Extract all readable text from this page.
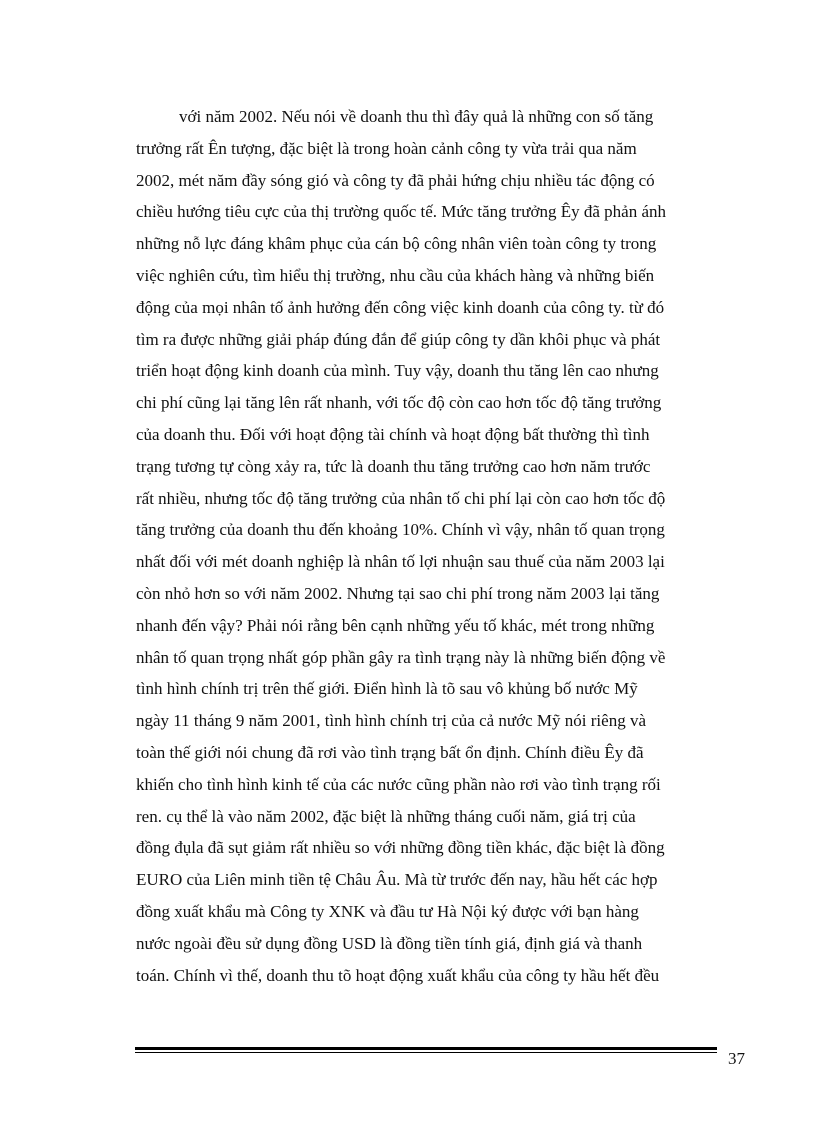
với năm 2002. Nếu nói về doanh thu thì đây quả là những con số tăng
trưởng rất Ên tượng, đặc biệt là trong hoàn cảnh công ty vừa trải qua năm
2002, mét năm đầy sóng gió và công ty đã phải hứng chịu nhiều tác động có
chiều hướng tiêu cực của thị trường quốc tế. Mức tăng trưởng Êy đã phản ánh
những nỗ lực đáng khâm phục của cán bộ công nhân viên toàn công ty trong
việc nghiên cứu, tìm hiểu thị trường, nhu cầu của khách hàng và những biến
động của mọi nhân tố ảnh hưởng đến công việc kinh doanh của công ty. từ đó
tìm ra được những giải pháp đúng đắn để giúp công ty dần khôi phục và phát
triển hoạt động kinh doanh của mình. Tuy vậy, doanh thu tăng lên cao nhưng
chi phí cũng lại tăng lên rất nhanh, với tốc độ còn cao hơn tốc độ tăng trưởng
của doanh thu. Đối với hoạt động tài chính và hoạt động bất thường thì tình
trạng tương tự còng xảy ra, tức là doanh thu tăng trưởng cao hơn năm trước
rất nhiều, nhưng tốc độ tăng trưởng của nhân tố chi phí lại còn cao hơn tốc độ
tăng trưởng của doanh thu đến khoảng 10%. Chính vì vậy, nhân tố quan trọng
nhất đối với mét doanh nghiệp là nhân tố lợi nhuận sau thuế của năm 2003 lại
còn nhỏ hơn so với năm 2002. Nhưng tại sao chi phí trong năm 2003 lại tăng
nhanh đến vậy? Phải nói rằng bên cạnh những yếu tố khác, mét trong những
nhân tố quan trọng nhất góp phần gây ra tình trạng này là những biến động về
tình hình chính trị trên thế giới. Điển hình là tõ sau vô khủng bố nước Mỹ
ngày 11 tháng 9 năm 2001, tình hình chính trị của cả nước Mỹ nói riêng và
toàn thế giới nói chung đã rơi vào tình trạng bất ổn định. Chính điều Êy đã
khiến cho tình hình kinh tế của các nước cũng phần nào rơi vào tình trạng rối
ren. cụ thể là vào năm 2002, đặc biệt là những tháng cuối năm, giá trị của
đồng đụla đã sụt giảm rất nhiều so với những đồng tiền khác, đặc biệt là đồng
EURO của Liên minh tiền tệ Châu Âu. Mà từ trước đến nay, hầu hết các hợp
đồng xuất khẩu mà Công ty XNK và đầu tư Hà Nội ký được với bạn hàng
nước ngoài đều sử dụng đồng USD là đồng tiền tính giá, định giá và thanh
toán. Chính vì thế, doanh thu tõ hoạt động xuất khẩu của công ty hầu hết đều

37
